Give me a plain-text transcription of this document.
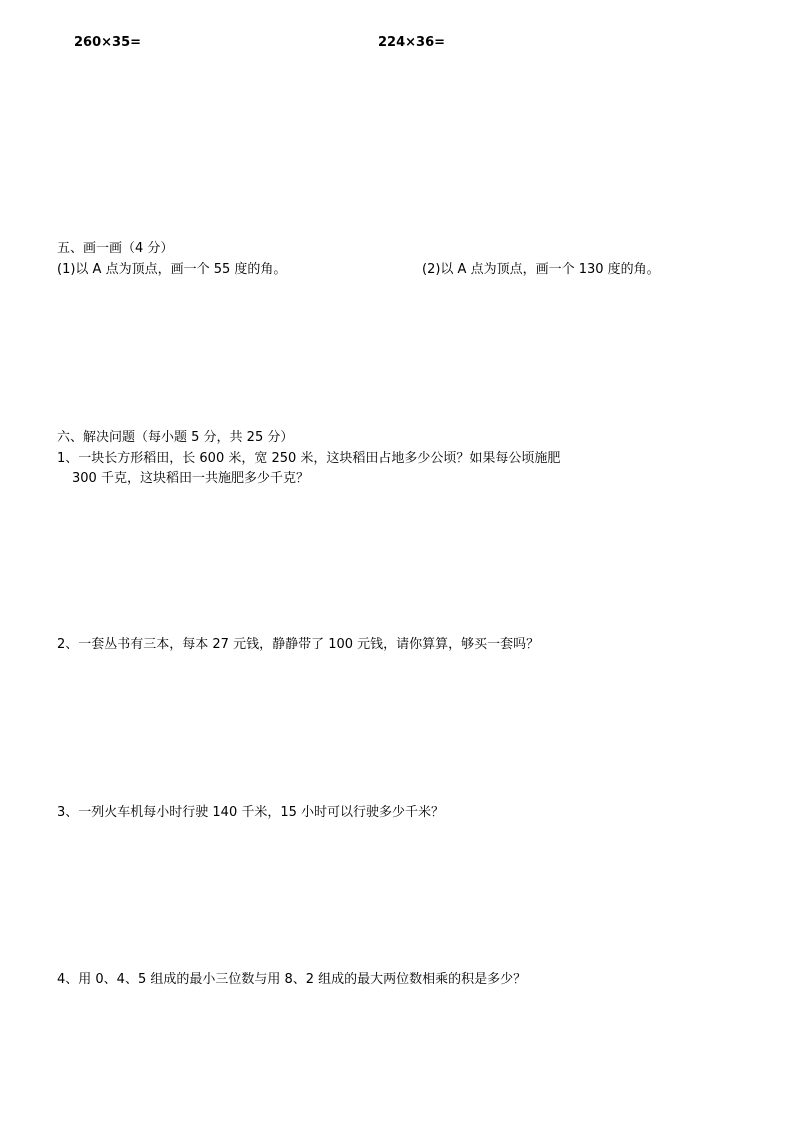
260×35=	224×36=
五、画一画（4 分）
(1)以 A 点为顶点，画一个 55 度的角。	(2)以 A 点为顶点，画一个 130 度的角。
六、解决问题（每小题 5 分，共 25 分）
1、一块长方形稻田，长 600 米，宽 250 米，这块稻田占地多少公顷？如果每公顷施肥
300 千克，这块稻田一共施肥多少千克？
2、一套丛书有三本，每本 27 元钱，静静带了 100 元钱，请你算算，够买一套吗？
3、一列火车机每小时行驶 140 千米，15 小时可以行驶多少千米？
4、用 0、4、5 组成的最小三位数与用 8、2 组成的最大两位数相乘的积是多少？
